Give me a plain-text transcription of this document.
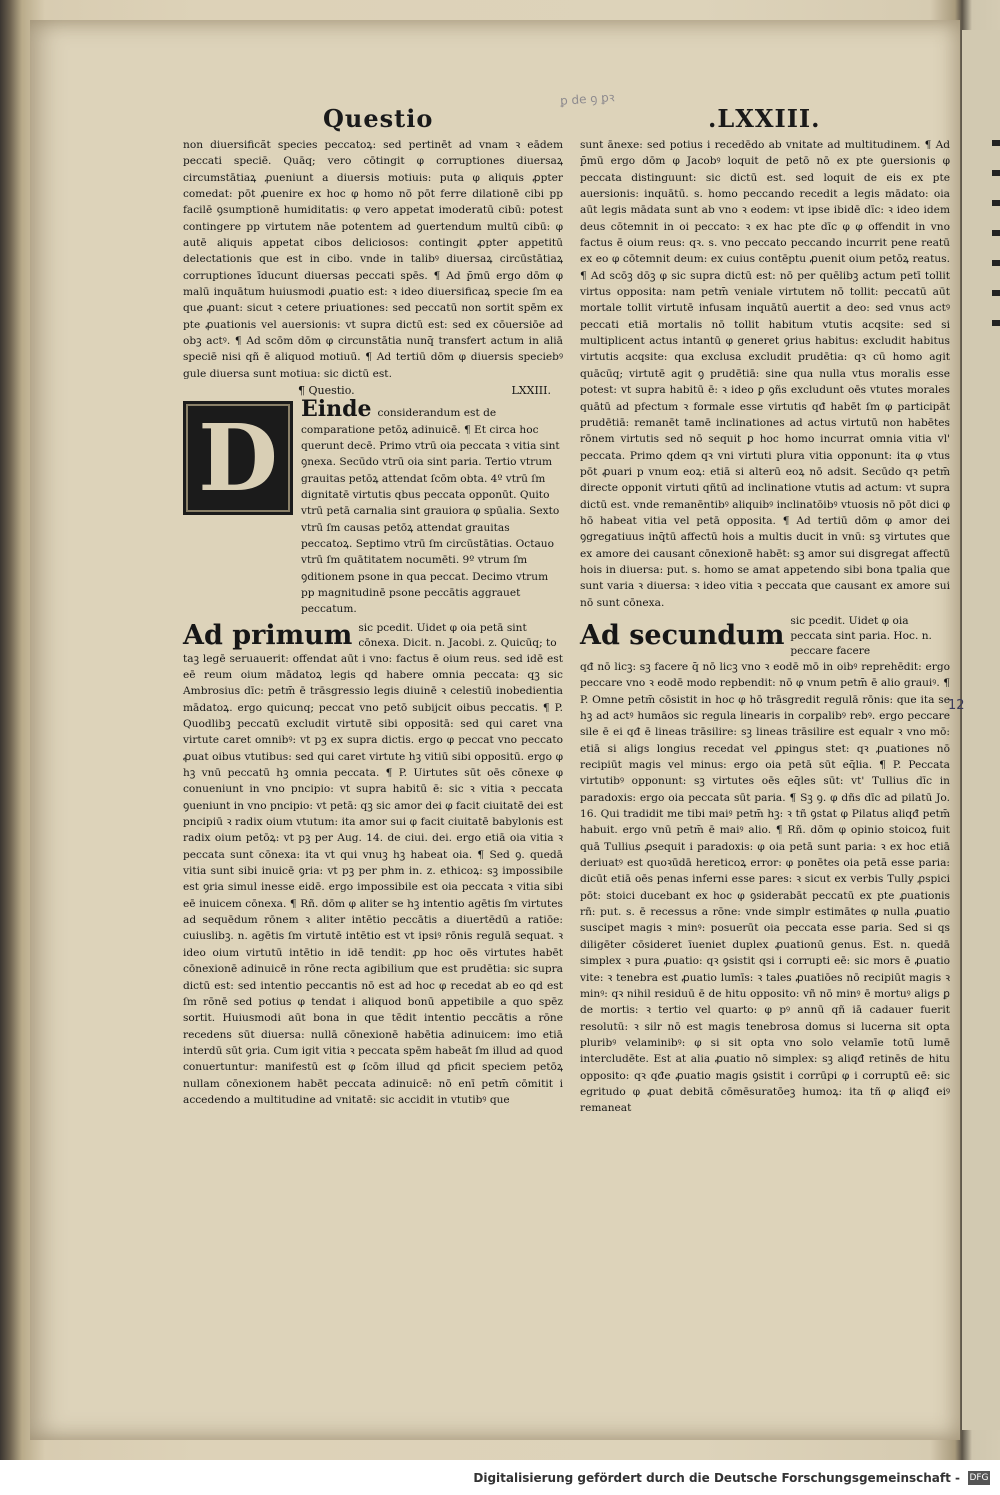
Questio	.LXXIII.
ꝑ de ꝯ ꝑꝛ

non diuersificăt species peccatoꝝ: sed pertinēt ad vnam ꝛ eādem peccati speciē. Quāq; vero cōtingit φ corruptiones diuersaꝝ circumstātiaꝝ ꝓueniunt a diuersis motiuis: puta φ aliquis ꝓpter comedat: pōt ꝓuenire ex hoc φ homo nō pōt ferre dilationē cibi pp facilē ꝯsumptionē humiditatis: φ vero appetat imoderatū cibū: potest contingere pp virtutem nāe potentem ad ꝯuertendum multū cibū: φ autē aliquis appetat cibos deliciosos: contingit ꝓpter appetitū delectationis que est in cibo. vnde in talibꝰ diuersaꝝ circūstātiaꝝ corruptiones īducunt diuersas peccati spēs. ¶ Ad p̄mū ergo dōm φ malū inquātum huiusmodi ꝓuatio est: ꝛ ideo diuersificaꝝ specie ſm ea que ꝓuant: sicut ꝛ cetere priuationes: sed peccatū non sortit spēm ex pte ꝓuationis vel auersionis: vt supra dictū est: sed ex cōuersiōe ad obꝫ actꝰ. ¶ Ad scōm dōm φ circunstātia nunq̄ transfert actum in aliā speciē nisi qñ ē aliquod motiuū. ¶ Ad tertiū dōm φ diuersis speciebꝰ gule diuersa sunt motiua: sic dictū est.

¶ Questio.	LXXIII.
D	Einde considerandum est de comparatione petōꝝ adinuicē. ¶ Et circa hoc querunt decē. Primo vtrū oia peccata ꝛ vitia sint ꝯnexa. Secūdo vtrū oia sint paria. Tertio vtrum grauitas petōꝝ attendat ſcōm obta. 4º vtrū ſm dignitatē virtutis qbus peccata opponūt. Quito vtrū petā carnalia sint grauiora φ spūalia. Sexto vtrū ſm causas petōꝝ attendat grauitas peccatoꝝ. Septimo vtrū ſm circūstātias. Octauo vtrū ſm quātitatem nocumēti. 9º vtrum ſm ꝯditionem psone in qua peccat. Decimo vtrum pp magnitudinē psone peccātis aggrauet peccatum.
Ad primum sic pcedit. Uidet φ oia petā sint cōnexa. Dicit. n. Jacobi. z. Quicūq; to

taꝫ legē seruauerit: offendat aūt i vno: factus ē oium reus. sed idē est eē reum oium mādatoꝝ legis qd habere omnia peccata: qꝫ sic Ambrosius dīc: petm̄ ē trāsgressio legis diuinē ꝛ celestiū inobedientia mādatoꝝ. ergo quicunq; peccat vno petō subijcit oibus peccatis. ¶ P. Quodlibꝫ peccatū excludit virtutē sibi oppositā: sed qui caret vna virtute caret omnibꝰ: vt pꝫ ex supra dictis. ergo φ peccat vno peccato ꝓuat oibus vtutibus: sed qui caret virtute hꝫ vitiū sibi oppositū. ergo φ hꝫ vnū peccatū hꝫ omnia peccata. ¶ P. Uirtutes sūt oēs cōnexe φ conueniunt in vno pncipio: vt supra habitū ē: sic ꝛ vitia ꝛ peccata ꝯueniunt in vno pncipio: vt petā: qꝫ sic amor dei φ facit ciuitatē dei est pncipiū ꝛ radix oium vtutum: ita amor sui φ facit ciuitatē babylonis est radix oium petōꝝ: vt pꝫ per Aug. 14. de ciui. dei. ergo etiā oia vitia ꝛ peccata sunt cōnexa: ita vt qui vnuꝫ hꝫ habeat oia. ¶ Sed ꝯ. quedā vitia sunt sibi inuicē ꝯria: vt pꝫ per phm in. z. ethicoꝝ: sꝫ impossibile est ꝯria simul inesse eidē. ergo impossibile est oia peccata ꝛ vitia sibi eē inuicem cōnexa. ¶ Rñ. dōm φ aliter se hꝫ intentio agētis ſm virtutes ad sequēdum rōnem ꝛ aliter intētio peccātis a diuertēdū a ratiōe: cuiuslibꝫ. n. agētis ſm virtutē intētio est vt ipsiꝰ rōnis regulā sequat. ꝛ ideo oium virtutū intētio in idē tendit: ꝓp hoc oēs virtutes habēt cōnexionē adinuicē in rōne recta agibilium que est prudētia: sic supra dictū est: sed intentio peccantis nō est ad hoc φ recedat ab eo qd est ſm rōnē sed potius φ tendat i aliquod bonū appetibile a quo spēz sortit. Huiusmodi aūt bona in que tēdit intentio peccātis a rōne recedens sūt diuersa: nullā cōnexionē habētia adinuicem: imo etiā interdū sūt ꝯria. Cum igit vitia ꝛ peccata spēm habeāt ſm illud ad quod conuertuntur: manifestū est φ ſcōm illud qd pficit speciem petōꝝ nullam cōnexionem habēt peccata adinuicē: nō enī petm̄ cōmitit i accedendo a multitudine ad vnitatē: sic accidit in vtutibꝰ que

sunt ānexe: sed potius i recedēdo ab vnitate ad multitudinem. ¶ Ad p̄mū ergo dōm φ Jacobꝰ loquit de petō nō ex pte ꝯuersionis φ peccata distinguunt: sic dictū est. sed loquit de eis ex pte auersionis: inquātū. s. homo peccando recedit a legis mādato: oia aūt legis mādata sunt ab vno ꝛ eodem: vt ipse ibidē dīc: ꝛ ideo idem deus cōtemnit in oi peccato: ꝛ ex hac pte dīc φ φ offendit in vno factus ē oium reus: qꝛ. s. vno peccato peccando incurrit pene reatū ex eo φ cōtemnit deum: ex cuius contēptu ꝓuenit oium petōꝝ reatus. ¶ Ad scōꝫ dōꝫ φ sic supra dictū est: nō per quēlibꝫ actum petī tollit virtus opposita: nam petm̄ veniale virtutem nō tollit: peccatū aūt mortale tollit virtutē infusam inquātū auertit a deo: sed vnus actꝰ peccati etiā mortalis nō tollit habitum vtutis acqsite: sed si multiplicent actus intantū φ generet ꝯrius habitus: excludit habitus virtutis acqsite: qua exclusa excludit prudētia: qꝛ cū homo agit quācūq; virtutē agit ꝯ prudētiā: sine qua nulla vtus moralis esse potest: vt supra habitū ē: ꝛ ideo ꝑ ꝯñs excludunt oēs vtutes morales quātū ad pfectum ꝛ formale esse virtutis qđ habēt ſm φ participāt prudētiā: remanēt tamē inclinationes ad actus virtutū non habētes rōnem virtutis sed nō sequit ꝑ hoc homo incurrat omnia vitia vl' peccata. Primo qdem qꝛ vni virtuti plura vitia opponunt: ita φ vtus pōt ꝓuari p vnum eoꝝ: etiā si alterū eoꝝ nō adsit. Secūdo qꝛ petm̄ directe opponit virtuti qñtū ad inclinatione vtutis ad actum: vt supra dictū est. vnde remanēntibꝰ aliquibꝰ inclinatōibꝰ vtuosis nō pōt dici φ hō habeat vitia vel petā opposita. ¶ Ad tertiū dōm φ amor dei ꝯgregatiuus inq̄tū affectū hois a multis ducit in vnū: sꝫ virtutes que ex amore dei causant cōnexionē habēt: sꝫ amor sui disgregat affectū hois in diuersa: put. s. homo se amat appetendo sibi bona tꝑalia que sunt varia ꝛ diuersa: ꝛ ideo vitia ꝛ peccata que causant ex amore sui nō sunt cōnexa.

Ad secundum sic pcedit. Uidet φ oia peccata sint paria. Hoc. n. peccare facere

qđ nō licꝫ: sꝫ facere q̄ nō licꝫ vno ꝛ eodē mō in oibꝰ reprehēdit: ergo peccare vno ꝛ eodē modo repbendit: nō φ vnum petm̄ ē alio grauiꝰ. ¶ P. Omne petm̄ cōsistit in hoc φ hō trāsgredit regulā rōnis: que ita se hꝫ ad actꝰ humāos sic regula linearis in corꝑalibꝰ rebꝰ. ergo peccare sile ē ei qđ ē lineas trāsilire: sꝫ lineas trāsilire est equalr ꝛ vno mō: etiā si aligs longius recedat vel ꝓpingus stet: qꝛ ꝓuationes nō recipiūt magis vel minus: ergo oia petā sūt eq̄lia. ¶ P. Peccata virtutibꝰ opponunt: sꝫ virtutes oēs eq̄les sūt: vt' Tullius dīc in paradoxis: ergo oia peccata sūt paria. ¶ Sꝫ ꝯ. φ dñs dīc ad pilatū Jo. 16. Qui tradidit me tibi maiꝰ petm̄ hꝫ: ꝛ tñ ꝯstat φ Pilatus aliqđ petm̄ habuit. ergo vnū petm̄ ē maiꝰ alio. ¶ Rñ. dōm φ opinio stoicoꝝ fuit quā Tullius ꝓsequit i paradoxis: φ oia petā sunt paria: ꝛ ex hoc etiā deriuatꝰ est quoꝛūdā hereticoꝝ error: φ ponētes oia petā esse paria: dicūt etiā oēs penas inferni esse pares: ꝛ sicut ex verbis Tully ꝓspici pōt: stoici ducebant ex hoc φ ꝯsiderabāt peccatū ex pte ꝓuationis rñ: put. s. ē recessus a rōne: vnde simplr estimātes φ nulla ꝓuatio suscipet magis ꝛ minꝰ: posuerūt oia peccata esse paria. Sed si qs diligēter cōsideret īueniet duplex ꝓuationū genus. Est. n. quedā simplex ꝛ pura ꝓuatio: qꝛ ꝯsistit qsi i corrupti eē: sic mors ē ꝓuatio vite: ꝛ tenebra est ꝓuatio lumīs: ꝛ tales ꝓuatiōes nō recipiūt magis ꝛ minꝰ: qꝛ nihil residuū ē de hitu opposito: vñ nō minꝰ ē mortuꝰ aligs ꝑ de mortis: ꝛ tertio vel quarto: φ pꝰ annū qñ iā cadauer fuerit resolutū: ꝛ silr nō est magis tenebrosa domus si lucerna sit opta pluribꝰ velaminibꝰ: φ si sit opta vno solo velamīe totū lumē intercludēte. Est at alia ꝓuatio nō simplex: sꝫ aliqđ retinēs de hitu opposito: qꝛ qđe ꝓuatio magis ꝯsistit i corrūpi φ i corruptū eē: sic egritudo φ ꝓuat debitā cōmēsuratōeꝫ humoꝝ: ita tñ φ aliqđ eiꝰ remaneat

12
Digitalisierung gefördert durch die Deutsche Forschungsgemeinschaft - DFG
